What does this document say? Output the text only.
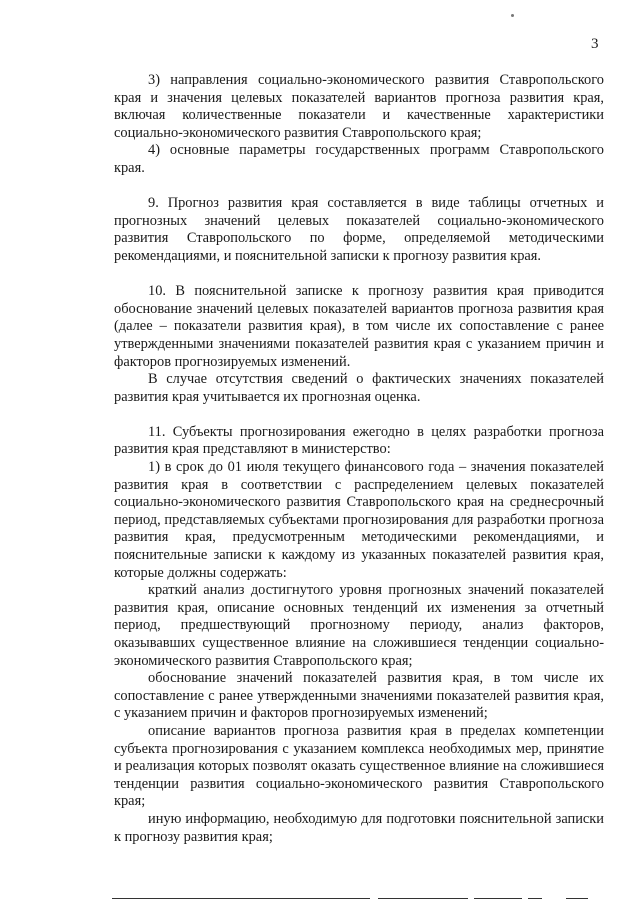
3

3) направления социально-экономического развития Ставропольского края и значения целевых показателей вариантов прогноза развития края, включая количественные показатели и качественные характеристики социально-экономического развития Ставропольского края;

4) основные параметры государственных программ Ставропольского края.

9. Прогноз развития края составляется в виде таблицы отчетных и прогнозных значений целевых показателей социально-экономического развития Ставропольского по форме, определяемой методическими рекомендациями, и пояснительной записки к прогнозу развития края.

10. В пояснительной записке к прогнозу развития края приводится обоснование значений целевых показателей вариантов прогноза развития края (далее – показатели развития края), в том числе их сопоставление с ранее утвержденными значениями показателей развития края с указанием причин и факторов прогнозируемых изменений.

В случае отсутствия сведений о фактических значениях показателей развития края учитывается их прогнозная оценка.

11. Субъекты прогнозирования ежегодно в целях разработки прогноза развития края представляют в министерство:

1) в срок до 01 июля текущего финансового года – значения показателей развития края в соответствии с распределением целевых показателей социально-экономического развития Ставропольского края на среднесрочный период, представляемых субъектами прогнозирования для разработки прогноза развития края, предусмотренным методическими рекомендациями, и пояснительные записки к каждому из указанных показателей развития края, которые должны содержать:

краткий анализ достигнутого уровня прогнозных значений показателей развития края, описание основных тенденций их изменения за отчетный период, предшествующий прогнозному периоду, анализ факторов, оказывавших существенное влияние на сложившиеся тенденции социально-экономического развития Ставропольского края;

обоснование значений показателей развития края, в том числе их сопоставление с ранее утвержденными значениями показателей развития края, с указанием причин и факторов прогнозируемых изменений;

описание вариантов прогноза развития края в пределах компетенции субъекта прогнозирования с указанием комплекса необходимых мер, принятие и реализация которых позволят оказать существенное влияние на сложившиеся тенденции развития социально-экономического развития Ставропольского края;

иную информацию, необходимую для подготовки пояснительной записки к прогнозу развития края;
